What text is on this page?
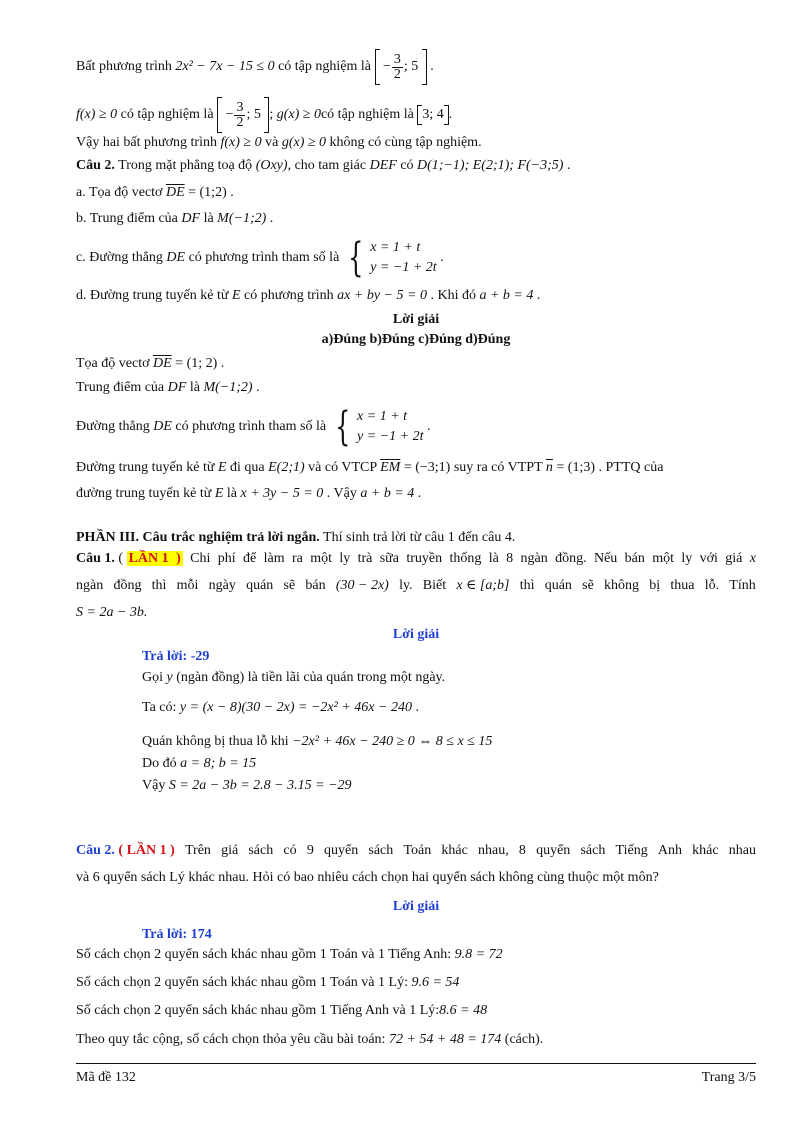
Bất phương trình 2x² − 7x − 15 ≤ 0 có tập nghiệm là
− $\frac{3}{2}$ ; 5
.
f(x) ≥ 0 có tập nghiệm là
− $\frac{3}{2}$ ; 5
; g(x) ≥ 0có tập nghiệm là 3; 4 .
Vậy hai bất phương trình f(x) ≥ 0 và g(x) ≥ 0 không có cùng tập nghiệm.
Câu 2. Trong mặt phẳng toạ độ (Oxy), cho tam giác DEF có D(1;−1); E(2;1); F(−3;5) .
a. Tọa độ vectơ $\overline{DE}$ = (1;2) .
b. Trung điểm của DF là M(−1;2) .
c. Đường thẳng DE có phương trình tham số là { x = 1 + t
y = −1 + 2t
.
d. Đường trung tuyến kẻ từ E có phương trình ax + by − 5 = 0 . Khi đó a + b = 4 .
Lời giải
a)Đúng b)Đúng c)Đúng d)Đúng
Tọa độ vectơ $\overline{DE} = (1$; 2) .
Trung điểm của DF là M(−1;2) .
Đường thẳng DE có phương trình tham số là { x = 1 + t
y = −1 + 2t
.
Đường trung tuyến kẻ từ E đi qua E(2;1) và có VTCP $\overline{EM}$ = (−3;1) suy ra có VTPT $\overline{n}$ = (1;3) . PTTQ của
đường trung tuyến kẻ từ E là x + 3y − 5 = 0 . Vậy a + b = 4 .
PHẦN III. Câu trắc nghiệm trả lời ngắn. Thí sinh trả lời từ câu 1 đến câu 4.
Câu 1. ( LẦN 1 ) Chi phí để làm ra một ly trà sữa truyền thống là 8 ngàn đồng. Nếu bán một ly với giá x
ngàn đồng thì mỗi ngày quán sẽ bán (30 − 2x) ly. Biết x ∈ [a;b] thì quán sẽ không bị thua lỗ. Tính
S = 2a − 3b.
Lời giải
Trả lời: -29
Gọi y (ngàn đồng) là tiền lãi của quán trong một ngày.
Ta có: y = (x − 8)(30 − 2x) = −2x² + 46x − 240 .
Quán không bị thua lỗ khi −2x² + 46x − 240 ≥ 0 ⇔ 8 ≤ x ≤ 15
Do đó a = 8; b = 15
Vậy S = 2a − 3b = 2.8 − 3.15 = −29
Câu 2. ( LẦN 1 ) Trên giá sách có 9 quyển sách Toán khác nhau, 8 quyển sách Tiếng Anh khác nhau
và 6 quyển sách Lý khác nhau. Hỏi có bao nhiêu cách chọn hai quyển sách không cùng thuộc một môn?
Lời giải
Trả lời: 174
Số cách chọn 2 quyển sách khác nhau gồm 1 Toán và 1 Tiếng Anh: 9.8 = 72
Số cách chọn 2 quyển sách khác nhau gồm 1 Toán và 1 Lý: 9.6 = 54
Số cách chọn 2 quyển sách khác nhau gồm 1 Tiếng Anh và 1 Lý:8.6 = 48
Theo quy tắc cộng, số cách chọn thỏa yêu cầu bài toán: 72 + 54 + 48 = 174 (cách).
Mã đề 132	Trang 3/5
